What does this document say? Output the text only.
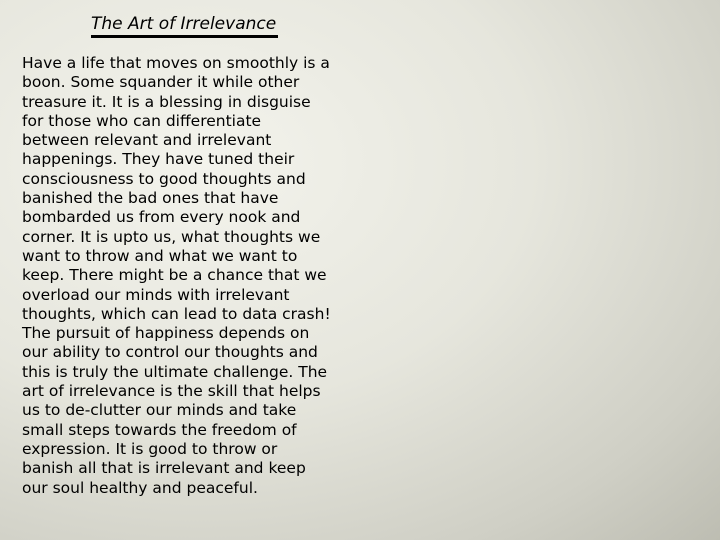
The Art of Irrelevance
Have a life that moves on smoothly is a
boon. Some squander it while other
treasure it. It is a blessing in disguise
for those who can differentiate
between relevant and irrelevant
happenings. They have tuned their
consciousness to good thoughts and
banished the bad ones that have
bombarded us from every nook and
corner. It is upto us, what thoughts we
want to throw and what we want to
keep. There might be a chance that we
overload our minds with irrelevant
thoughts, which can lead to data crash!
The pursuit of happiness depends on
our ability to control our thoughts and
this is truly the ultimate challenge. The
art of irrelevance is the skill that helps
us to de-clutter our minds and take
small steps towards the freedom of
expression. It is good to throw or
banish all that is irrelevant and keep
our soul healthy and peaceful.
